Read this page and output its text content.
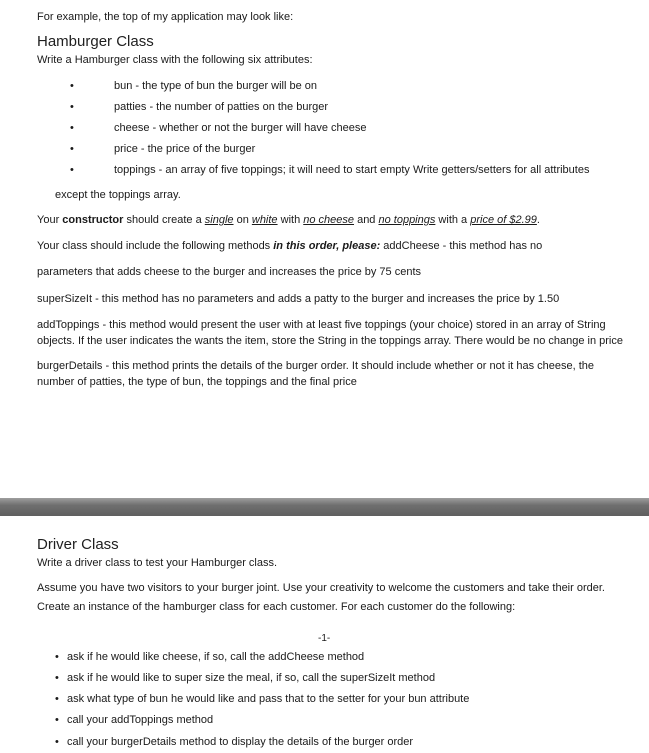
For example, the top of my application may look like:
Hamburger Class
Write a Hamburger class with the following six attributes:
•	bun - the type of bun the burger will be on
•	patties - the number of patties on the burger
•	cheese - whether or not the burger will have cheese
•	price - the price of the burger
•	toppings - an array of five toppings; it will need to start empty Write getters/setters for all attributes
except the toppings array.
Your constructor should create a single on white with no cheese and no toppings with a price of $2.99.
Your class should include the following methods in this order, please: addCheese - this method has no
parameters that adds cheese to the burger and increases the price by 75 cents
superSizeIt - this method has no parameters and adds a patty to the burger and increases the price by 1.50
addToppings - this method would present the user with at least five toppings (your choice) stored in an array of String
objects. If the user indicates the wants the item, store the String in the toppings array. There would be no change in price
burgerDetails - this method prints the details of the burger order. It should include whether or not it has cheese, the
number of patties, the type of bun, the toppings and the final price
Driver Class
Write a driver class to test your Hamburger class.
Assume you have two visitors to your burger joint. Use your creativity to welcome the customers and take their order.
Create an instance of the hamburger class for each customer. For each customer do the following:
-1-
• ask if he would like cheese, if so, call the addCheese method
• ask if he would like to super size the meal, if so, call the superSizeIt method
• ask what type of bun he would like and pass that to the setter for your bun attribute
• call your addToppings method
• call your burgerDetails method to display the details of the burger order
